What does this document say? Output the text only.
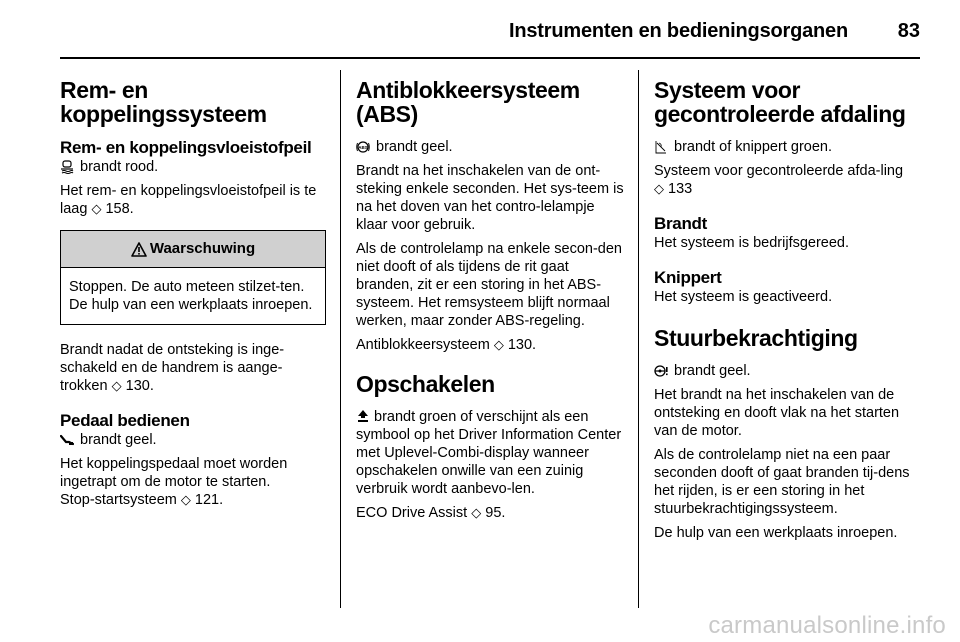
Instrumenten en bedieningsorganen 83
Rem- en koppelingssysteem
Rem- en koppelingsvloeistofpeil
brandt rood.

Het rem- en koppelingsvloeistofpeil is te laag ◇ 158.

Waarschuwing

Stoppen. De auto meteen stilzet-ten. De hulp van een werkplaats inroepen.

Brandt nadat de ontsteking is inge-schakeld en de handrem is aange-trokken ◇ 130.

Pedaal bedienen
brandt geel.

Het koppelingspedaal moet worden ingetrapt om de motor te starten.

Stop-startsysteem ◇ 121.

Antiblokkeersysteem (ABS)
ABS brandt geel.

Brandt na het inschakelen van de ont-steking enkele seconden. Het sys-teem is na het doven van het contro-lelampje klaar voor gebruik.

Als de controlelamp na enkele secon-den niet dooft of als tijdens de rit gaat branden, zit er een storing in het ABS-systeem. Het remsysteem blijft normaal werken, maar zonder ABS-regeling.

Antiblokkeersysteem ◇ 130.

Opschakelen

brandt groen of verschijnt als een symbool op het Driver Information Center met Uplevel-Combi-display wanneer opschakelen onwille van een zuinig verbruik wordt aanbevo-len.

ECO Drive Assist ◇ 95.

Systeem voor gecontroleerde afdaling
brandt of knippert groen.

Systeem voor gecontroleerde afda-ling ◇ 133

Brandt

Het systeem is bedrijfsgereed.

Knippert

Het systeem is geactiveerd.

Stuurbekrachtiging
brandt geel.

Het brandt na het inschakelen van de ontsteking en dooft vlak na het starten van de motor.

Als de controlelamp niet na een paar seconden dooft of gaat branden tij-dens het rijden, is er een storing in het stuurbekrachtigingssysteem.

De hulp van een werkplaats inroepen.

carmanualsonline.info
